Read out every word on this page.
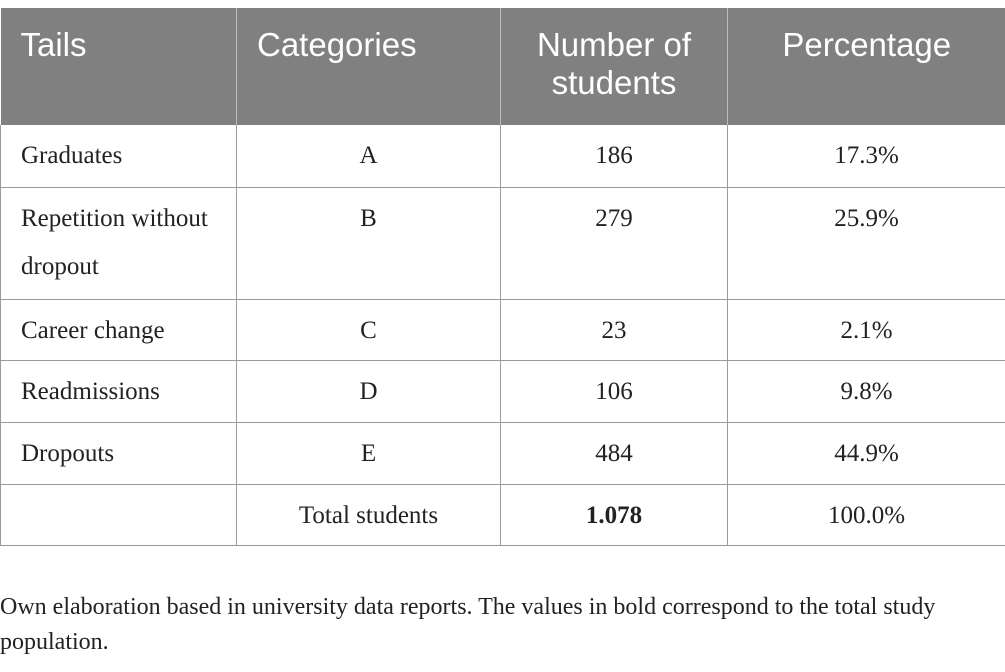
Tails	Categories	Number of students	Percentage
Graduates	A	186	17.3%
Repetition without dropout	B	279	25.9%
Career change	C	23	2.1%
Readmissions	D	106	9.8%
Dropouts	E	484	44.9%
	Total students	1.078	100.0%

Own elaboration based in university data reports. The values in bold correspond to the total study population.
